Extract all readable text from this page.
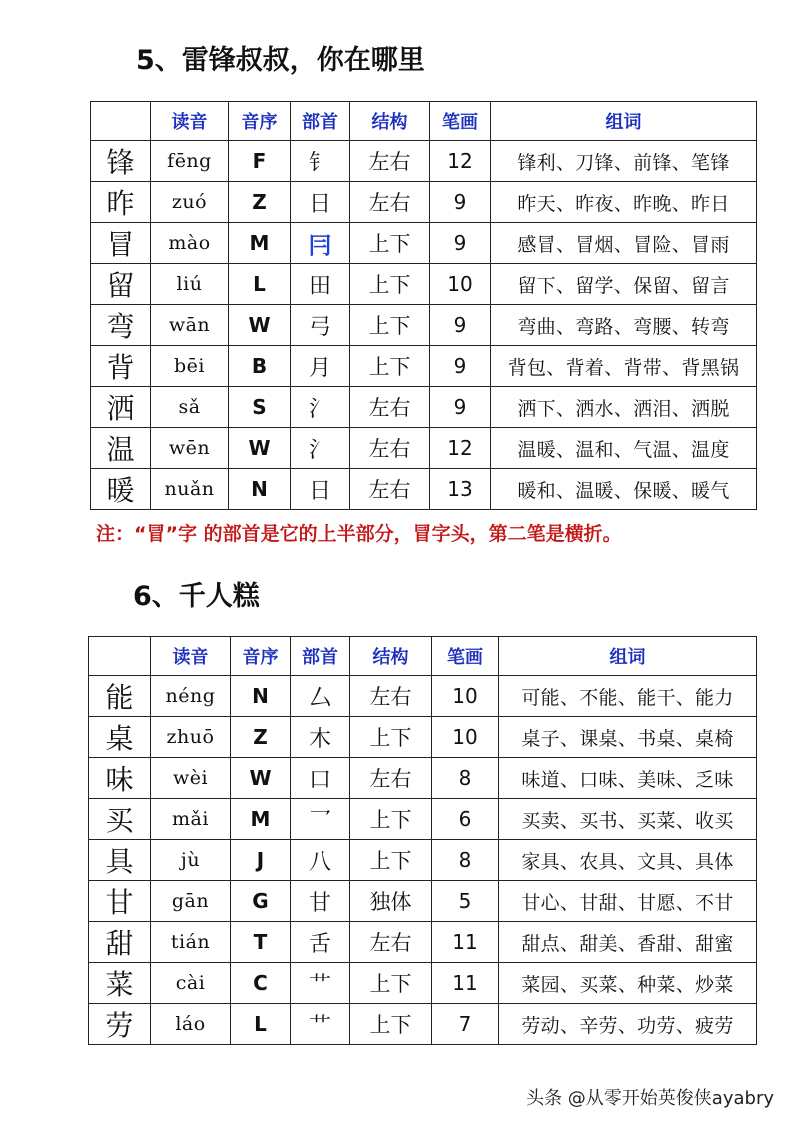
5、雷锋叔叔，你在哪里
	读音	音序	部首	结构	笔画	组词
锋	fēng	F	钅	左右	12	锋利、刀锋、前锋、笔锋
昨	zuó	Z	日	左右	9	昨天、昨夜、昨晚、昨日
冒	mào	M	冃	上下	9	感冒、冒烟、冒险、冒雨
留	liú	L	田	上下	10	留下、留学、保留、留言
弯	wān	W	弓	上下	9	弯曲、弯路、弯腰、转弯
背	bēi	B	月	上下	9	背包、背着、背带、背黑锅
洒	sǎ	S	氵	左右	9	洒下、洒水、洒泪、洒脱
温	wēn	W	氵	左右	12	温暖、温和、气温、温度
暖	nuǎn	N	日	左右	13	暖和、温暖、保暖、暖气

注：“冒”字 的部首是它的上半部分，冒字头，第二笔是横折。

6、千人糕
	读音	音序	部首	结构	笔画	组词
能	néng	N	厶	左右	10	可能、不能、能干、能力
桌	zhuō	Z	木	上下	10	桌子、课桌、书桌、桌椅
味	wèi	W	口	左右	8	味道、口味、美味、乏味
买	mǎi	M	乛	上下	6	买卖、买书、买菜、收买
具	jù	J	八	上下	8	家具、农具、文具、具体
甘	gān	G	甘	独体	5	甘心、甘甜、甘愿、不甘
甜	tián	T	舌	左右	11	甜点、甜美、香甜、甜蜜
菜	cài	C	艹	上下	11	菜园、买菜、种菜、炒菜
劳	láo	L	艹	上下	7	劳动、辛劳、功劳、疲劳

头条 @从零开始英俊侠ayabry
